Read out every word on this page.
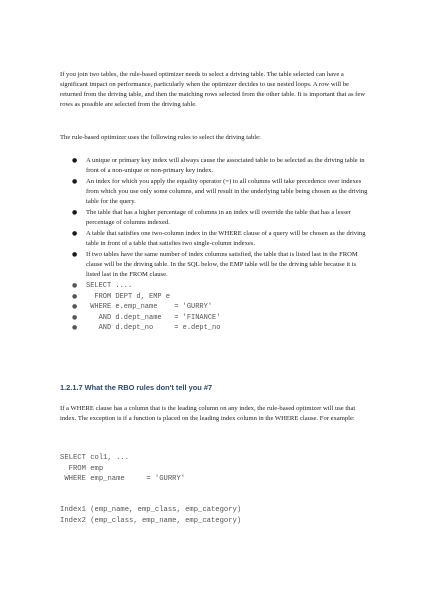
If you join two tables, the rule-based optimizer needs to select a driving table. The table selected can have a significant impact on performance, particularly when the optimizer decides to use nested loops. A row will be returned from the driving table, and then the matching rows selected from the other table. It is important that as few rows as possible are selected from the driving table.

The rule-based optimizer uses the following rules to select the driving table:

● A unique or primary key index will always cause the associated table to be selected as the driving table in front of a non-unique or non-primary key index.
● An index for which you apply the equality operator (=) to all columns will take precedence over indexes from which you use only some columns, and will result in the underlying table being chosen as the driving table for the query.
● The table that has a higher percentage of columns in an index will override the table that has a lesser percentage of columns indexed.
● A table that satisfies one two-column index in the WHERE clause of a query will be chosen as the driving table in front of a table that satisfies two single-column indexes.
● If two tables have the same number of index columns satisfied, the table that is listed last in the FROM clause will be the driving table. In the SQL below, the EMP table will be the driving table because it is listed last in the FROM clause.
● SELECT ....
● FROM DEPT d, EMP e
● WHERE e.emp_name    = 'GURRY'
● AND d.dept_name   = 'FINANCE'
● AND d.dept_no     = e.dept_no
1.2.1.7 What the RBO rules don't tell you #7

If a WHERE clause has a column that is the leading column on any index, the rule-based optimizer will use that index. The exception is if a function is placed on the leading index column in the WHERE clause. For example:

SELECT col1, ...
FROM emp
WHERE emp_name     = 'GURRY'
Index1 (emp_name, emp_class, emp_category)
Index2 (emp_class, emp_name, emp_category)
